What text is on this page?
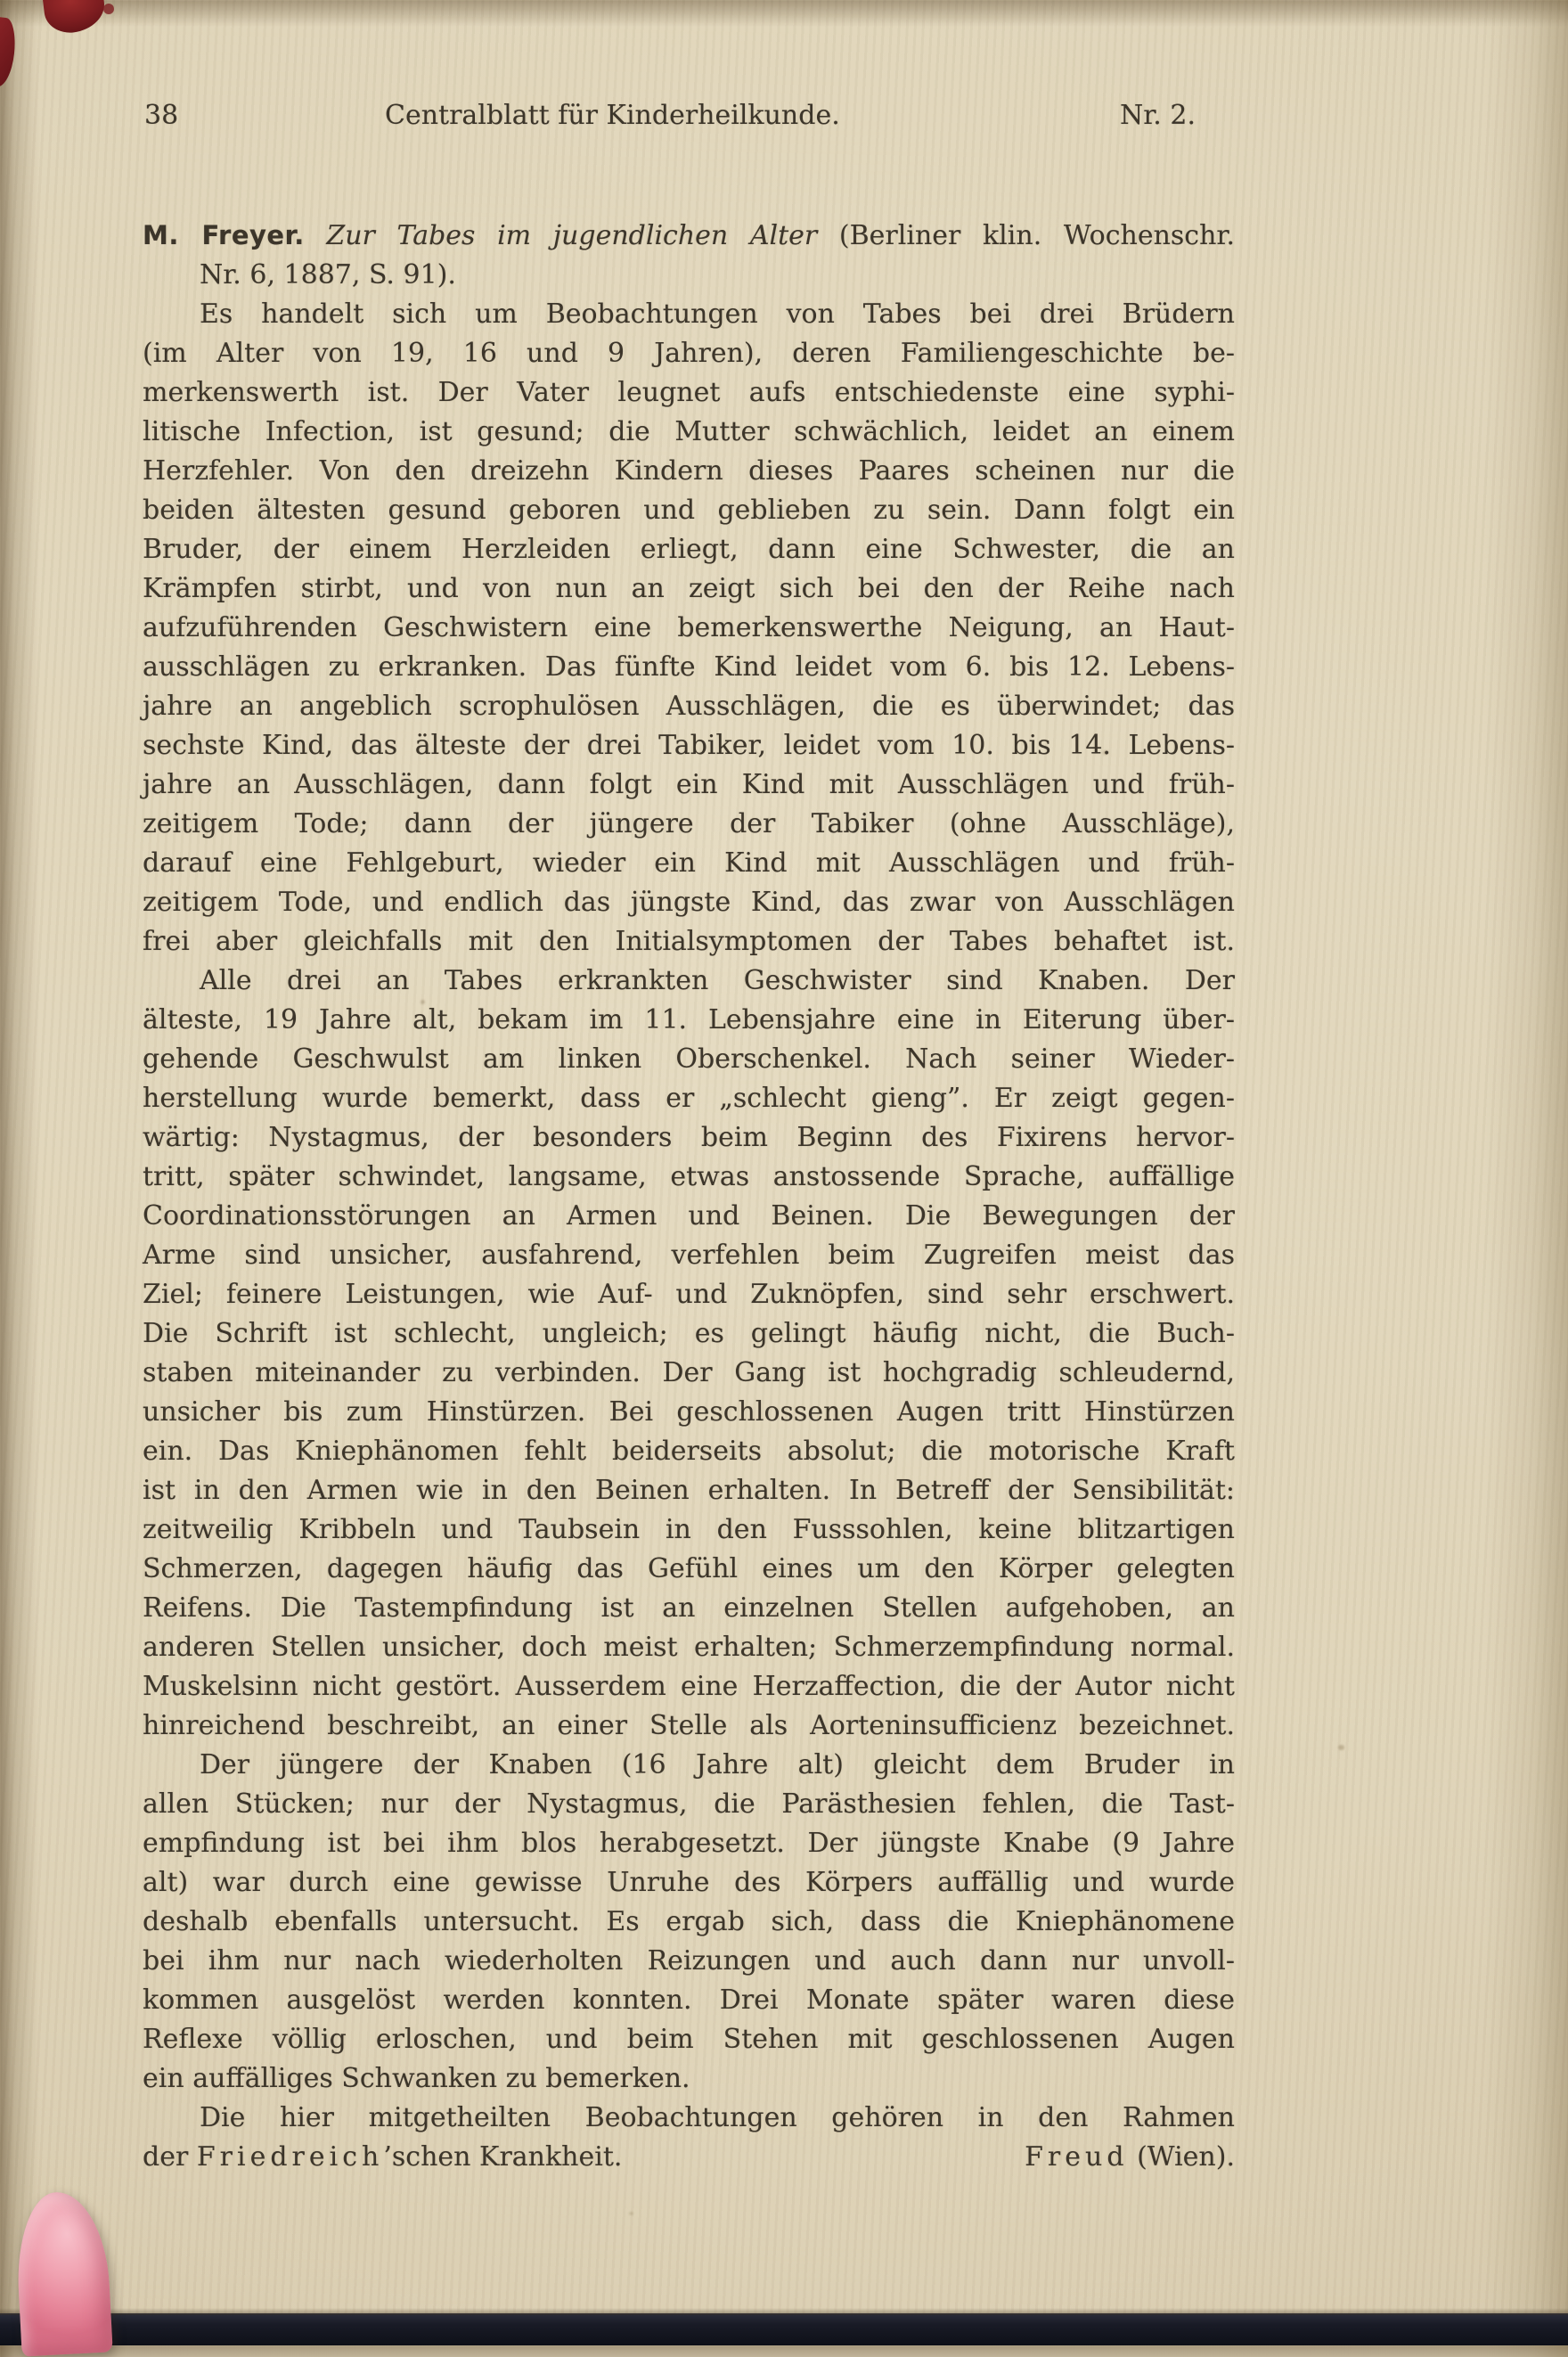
38	Centralblatt für Kinderheilkunde.	Nr. 2.
M. Freyer. Zur Tabes im jugendlichen Alter (Berliner klin. Wochenschr.
Nr. 6, 1887, S. 91).
Es handelt sich um Beobachtungen von Tabes bei drei Brüdern
(im Alter von 19, 16 und 9 Jahren), deren Familiengeschichte be-
merkenswerth ist. Der Vater leugnet aufs entschiedenste eine syphi-
litische Infection, ist gesund; die Mutter schwächlich, leidet an einem
Herzfehler. Von den dreizehn Kindern dieses Paares scheinen nur die
beiden ältesten gesund geboren und geblieben zu sein. Dann folgt ein
Bruder, der einem Herzleiden erliegt, dann eine Schwester, die an
Krämpfen stirbt, und von nun an zeigt sich bei den der Reihe nach
aufzuführenden Geschwistern eine bemerkenswerthe Neigung, an Haut-
ausschlägen zu erkranken. Das fünfte Kind leidet vom 6. bis 12. Lebens-
jahre an angeblich scrophulösen Ausschlägen, die es überwindet; das
sechste Kind, das älteste der drei Tabiker, leidet vom 10. bis 14. Lebens-
jahre an Ausschlägen, dann folgt ein Kind mit Ausschlägen und früh-
zeitigem Tode; dann der jüngere der Tabiker (ohne Ausschläge),
darauf eine Fehlgeburt, wieder ein Kind mit Ausschlägen und früh-
zeitigem Tode, und endlich das jüngste Kind, das zwar von Ausschlägen
frei aber gleichfalls mit den Initialsymptomen der Tabes behaftet ist.
Alle drei an Tabes erkrankten Geschwister sind Knaben. Der
älteste, 19 Jahre alt, bekam im 11. Lebensjahre eine in Eiterung über-
gehende Geschwulst am linken Oberschenkel. Nach seiner Wieder-
herstellung wurde bemerkt, dass er „schlecht gieng”. Er zeigt gegen-
wärtig: Nystagmus, der besonders beim Beginn des Fixirens hervor-
tritt, später schwindet, langsame, etwas anstossende Sprache, auffällige
Coordinationsstörungen an Armen und Beinen. Die Bewegungen der
Arme sind unsicher, ausfahrend, verfehlen beim Zugreifen meist das
Ziel; feinere Leistungen, wie Auf- und Zuknöpfen, sind sehr erschwert.
Die Schrift ist schlecht, ungleich; es gelingt häufig nicht, die Buch-
staben miteinander zu verbinden. Der Gang ist hochgradig schleudernd,
unsicher bis zum Hinstürzen. Bei geschlossenen Augen tritt Hinstürzen
ein. Das Kniephänomen fehlt beiderseits absolut; die motorische Kraft
ist in den Armen wie in den Beinen erhalten. In Betreff der Sensibilität:
zeitweilig Kribbeln und Taubsein in den Fusssohlen, keine blitzartigen
Schmerzen, dagegen häufig das Gefühl eines um den Körper gelegten
Reifens. Die Tastempfindung ist an einzelnen Stellen aufgehoben, an
anderen Stellen unsicher, doch meist erhalten; Schmerzempfindung normal.
Muskelsinn nicht gestört. Ausserdem eine Herzaffection, die der Autor nicht
hinreichend beschreibt, an einer Stelle als Aorteninsufficienz bezeichnet.
Der jüngere der Knaben (16 Jahre alt) gleicht dem Bruder in
allen Stücken; nur der Nystagmus, die Parästhesien fehlen, die Tast-
empfindung ist bei ihm blos herabgesetzt. Der jüngste Knabe (9 Jahre
alt) war durch eine gewisse Unruhe des Körpers auffällig und wurde
deshalb ebenfalls untersucht. Es ergab sich, dass die Kniephänomene
bei ihm nur nach wiederholten Reizungen und auch dann nur unvoll-
kommen ausgelöst werden konnten. Drei Monate später waren diese
Reflexe völlig erloschen, und beim Stehen mit geschlossenen Augen
ein auffälliges Schwanken zu bemerken.
Die hier mitgetheilten Beobachtungen gehören in den Rahmen
der Friedreich’schen Krankheit.	Freud (Wien).
